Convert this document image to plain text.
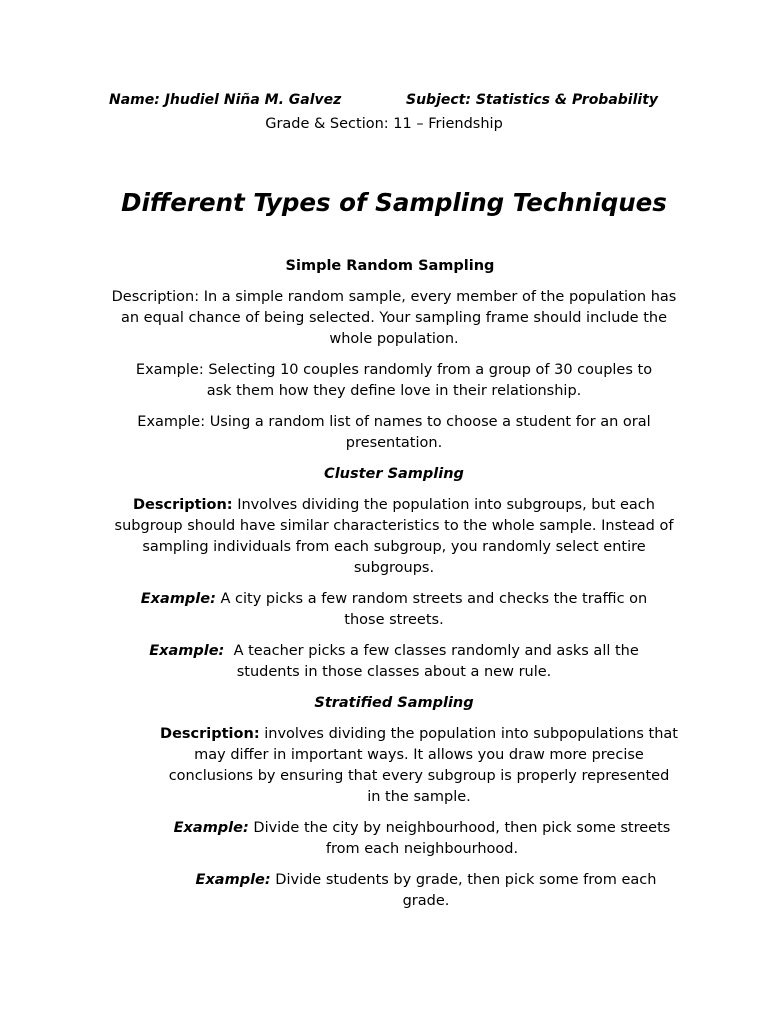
Name: Jhudiel Niña M. Galvez	Subject: Statistics & Probability
Grade & Section: 11 – Friendship
Different Types of Sampling Techniques

Simple Random Sampling

Description: In a simple random sample, every member of the population has an equal chance of being selected. Your sampling frame should include the whole population.

Example: Selecting 10 couples randomly from a group of 30 couples to ask them how they define love in their relationship.

Example: Using a random list of names to choose a student for an oral presentation.

Cluster Sampling

Description: Involves dividing the population into subgroups, but each subgroup should have similar characteristics to the whole sample. Instead of sampling individuals from each subgroup, you randomly select entire subgroups.

Example: A city picks a few random streets and checks the traffic on those streets.

Example:  A teacher picks a few classes randomly and asks all the students in those classes about a new rule.

Stratified Sampling

Description: involves dividing the population into subpopulations that may differ in important ways. It allows you draw more precise conclusions by ensuring that every subgroup is properly represented in the sample.

Example: Divide the city by neighbourhood, then pick some streets from each neighbourhood.

Example: Divide students by grade, then pick some from each grade.
